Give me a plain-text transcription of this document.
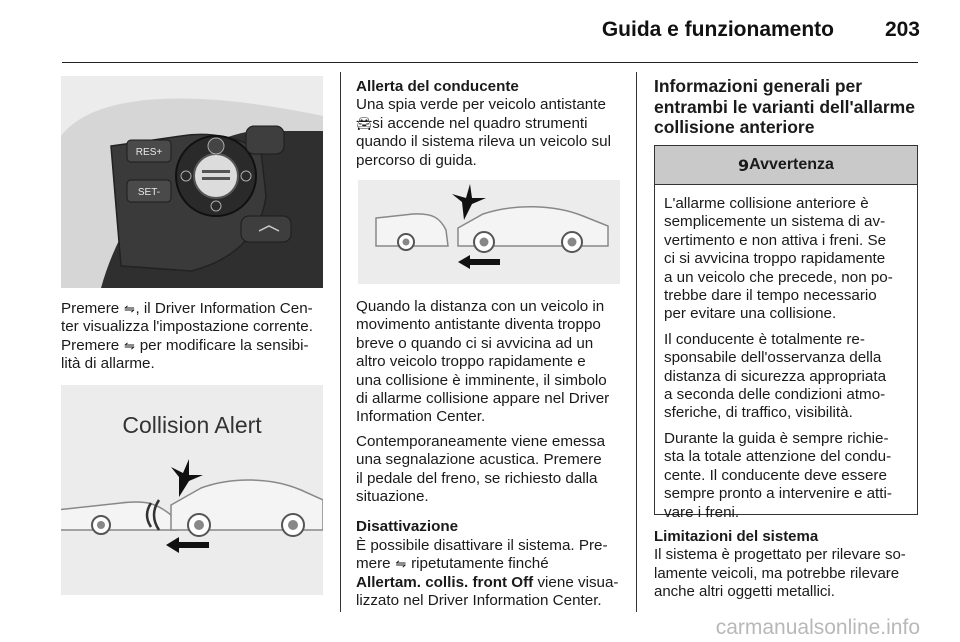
Guida e funzionamento 203
RES+
SET-
Premere ⇋, il Driver Information Cen-
ter visualizza l'impostazione corrente.
Premere ⇋ per modificare la sensibi-
lità di allarme.
Collision Alert
Allerta del conducente
Una spia verde per veicolo antistante
🚘︎ si accende nel quadro strumenti
quando il sistema rileva un veicolo sul
percorso di guida.

Quando la distanza con un veicolo in
movimento antistante diventa troppo
breve o quando ci si avvicina ad un
altro veicolo troppo rapidamente e
una collisione è imminente, il simbolo
di allarme collisione appare nel Driver
Information Center.

Contemporaneamente viene emessa
una segnalazione acustica. Premere
il pedale del freno, se richiesto dalla
situazione.

Disattivazione
È possibile disattivare il sistema. Pre-
mere ⇋ ripetutamente finché
Allertam. collis. front Off viene visua-
lizzato nel Driver Information Center.
Informazioni generali per entrambi le varianti dell'allarme collisione anteriore
9 Avvertenza

L'allarme collisione anteriore è
semplicemente un sistema di av-
vertimento e non attiva i freni. Se
ci si avvicina troppo rapidamente
a un veicolo che precede, non po-
trebbe dare il tempo necessario
per evitare una collisione.

Il conducente è totalmente re-
sponsabile dell'osservanza della
distanza di sicurezza appropriata
a seconda delle condizioni atmo-
sferiche, di traffico, visibilità.

Durante la guida è sempre richie-
sta la totale attenzione del condu-
cente. Il conducente deve essere
sempre pronto a intervenire e atti-
vare i freni.

Limitazioni del sistema
Il sistema è progettato per rilevare so-
lamente veicoli, ma potrebbe rilevare
anche altri oggetti metallici.
carmanualsonline.info
